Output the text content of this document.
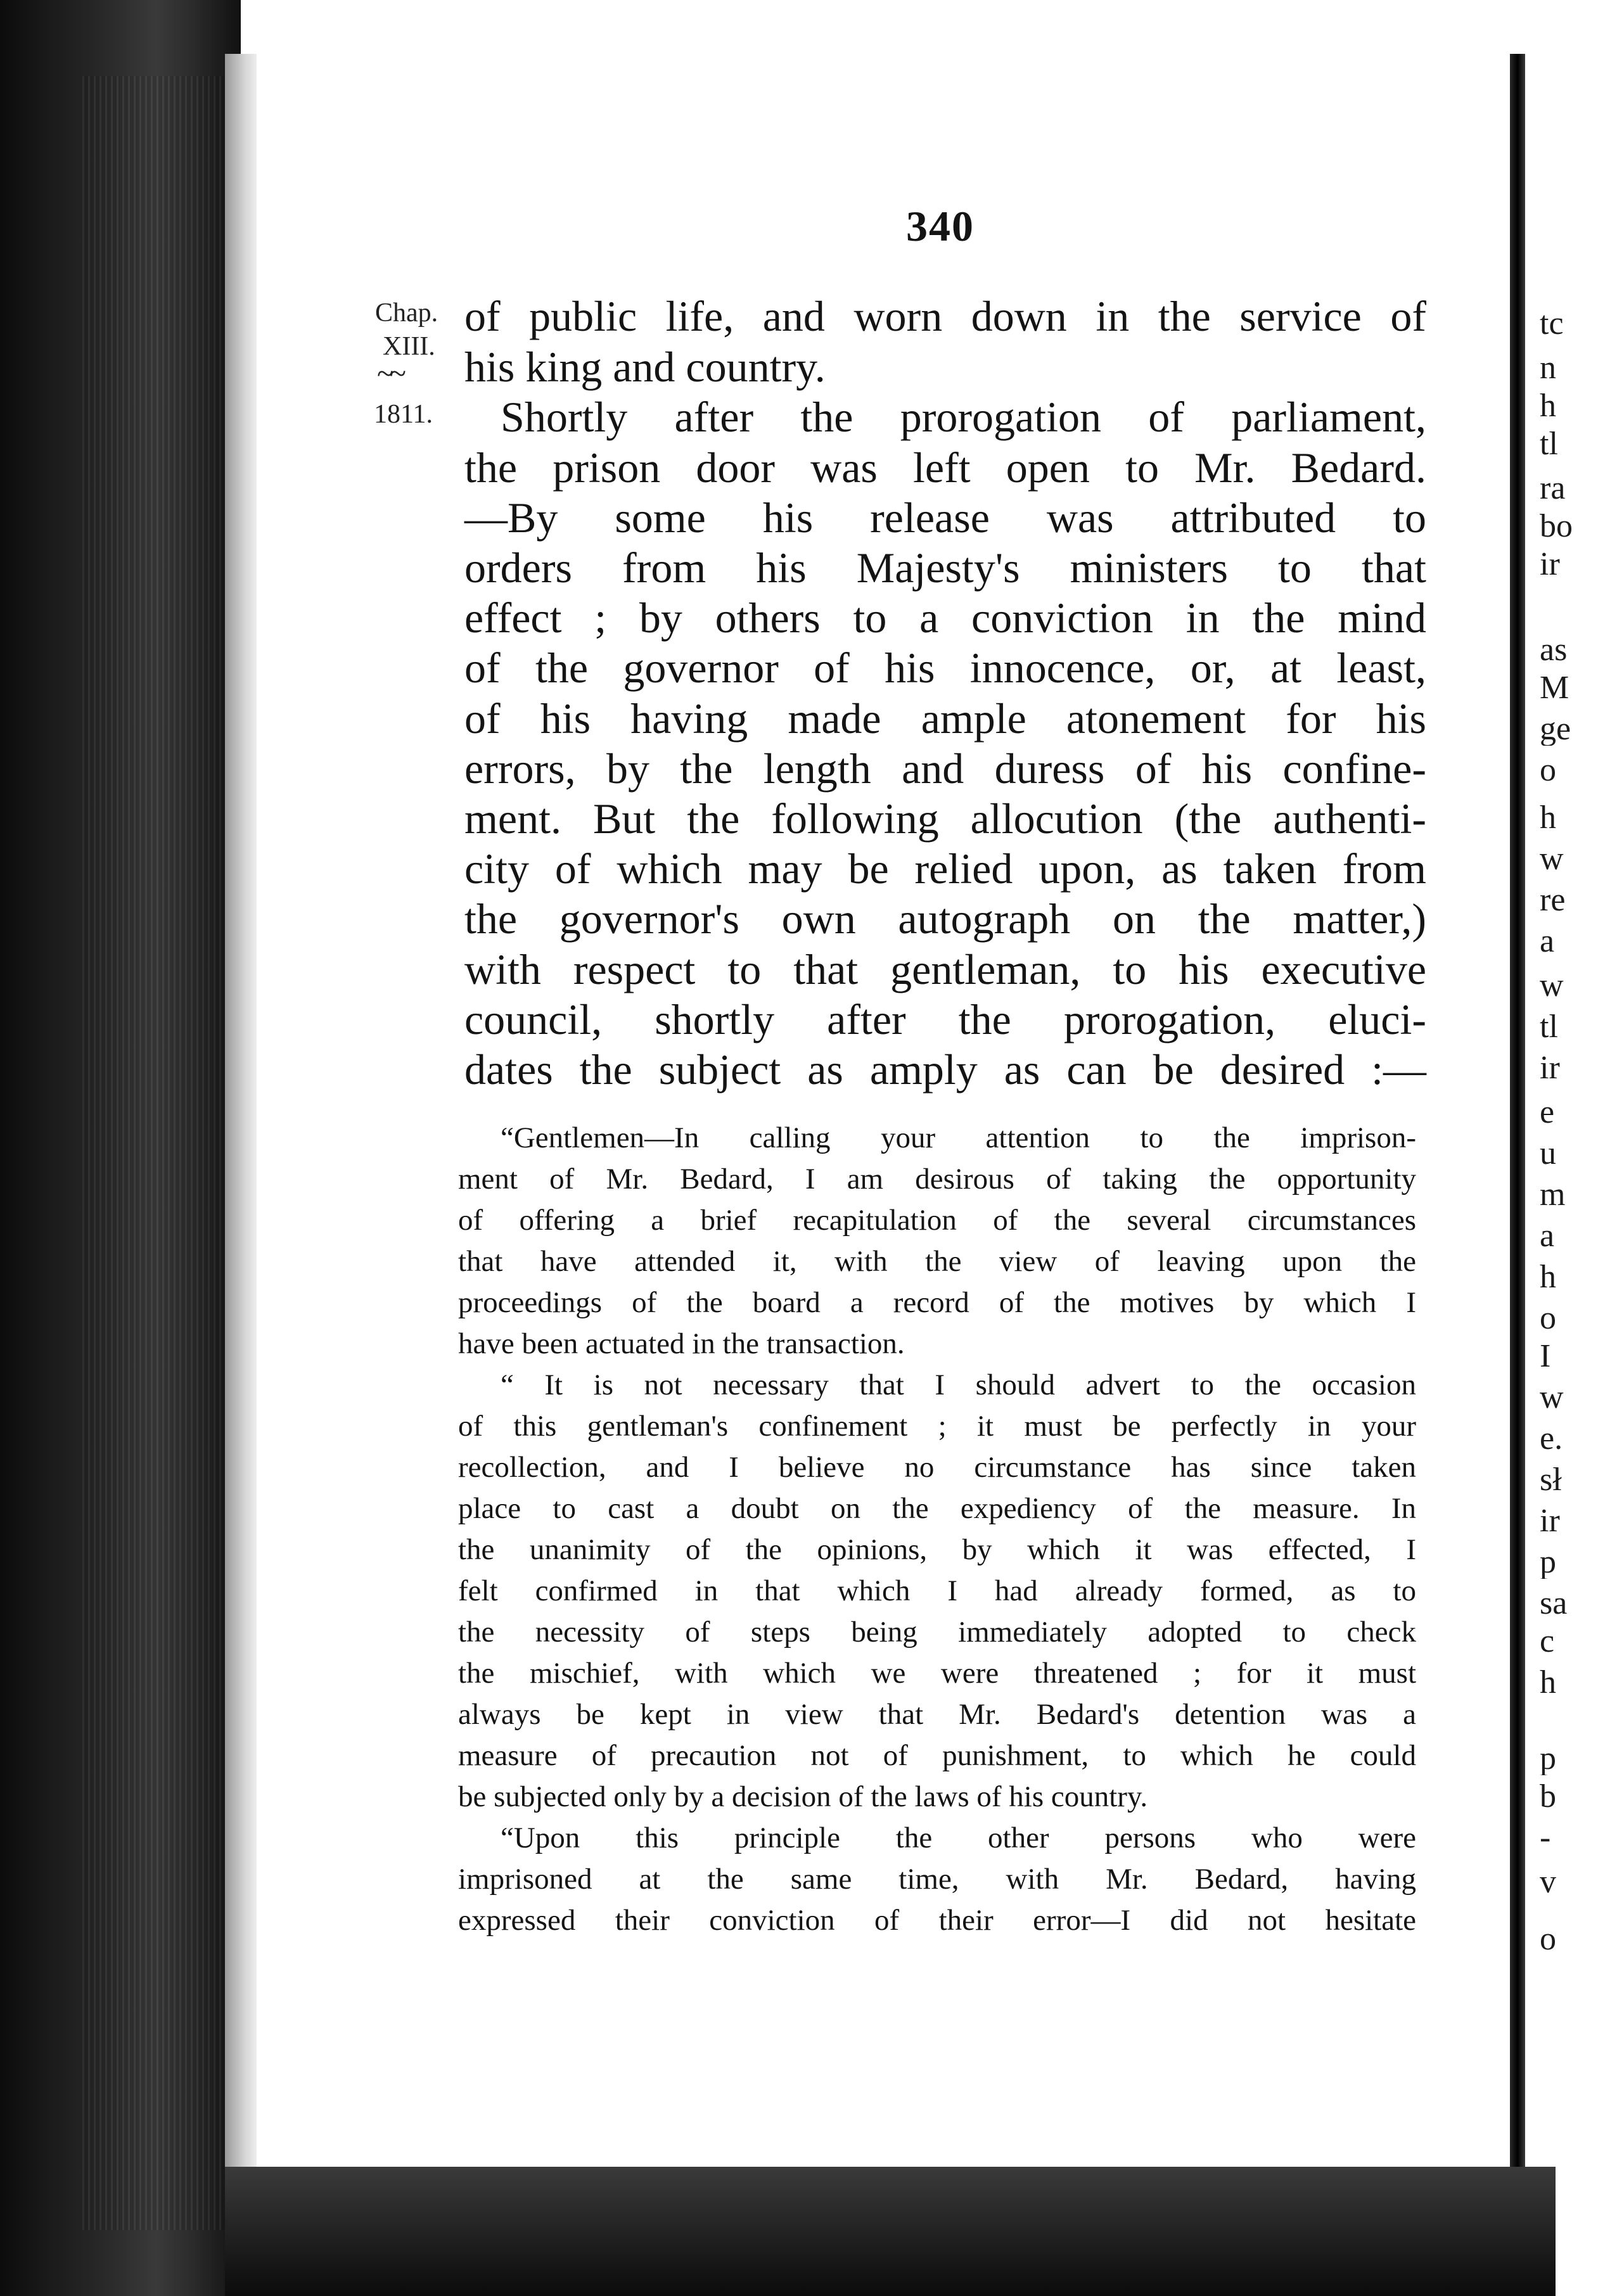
340
Chap.
XIII.
~~
1811.
of public life, and worn down in the service of
his king and country.
Shortly after the prorogation of parliament,
the prison door was left open to Mr. Bedard.
—By some his release was attributed to
orders from his Majesty's ministers to that
effect ; by others to a conviction in the mind
of the governor of his innocence, or, at least,
of his having made ample atonement for his
errors, by the length and duress of his confine-
ment. But the following allocution (the authenti-
city of which may be relied upon, as taken from
the governor's own autograph on the matter,)
with respect to that gentleman, to his executive
council, shortly after the prorogation, eluci-
dates the subject as amply as can be desired :—
“Gentlemen—In calling your attention to the imprison-
ment of Mr. Bedard, I am desirous of taking the opportunity
of offering a brief recapitulation of the several circumstances
that have attended it, with the view of leaving upon the
proceedings of the board a record of the motives by which I
have been actuated in the transaction.
“ It is not necessary that I should advert to the occasion
of this gentleman's confinement ; it must be perfectly in your
recollection, and I believe no circumstance has since taken
place to cast a doubt on the expediency of the measure. In
the unanimity of the opinions, by which it was effected, I
felt confirmed in that which I had already formed, as to
the necessity of steps being immediately adopted to check
the mischief, with which we were threatened ; for it must
always be kept in view that Mr. Bedard's detention was a
measure of precaution not of punishment, to which he could
be subjected only by a decision of the laws of his country.
“Upon this principle the other persons who were
imprisoned at the same time, with Mr. Bedard, having
expressed their conviction of their error—I did not hesitate
tc
n
h
tl
ra
bo
ir
as
M
ge
o
h
w
re
a
w
tl
ir
e
u
m
a
h
o
I
w
e.
sł
ir
p
sa
c
h
p
b
-
v
o
